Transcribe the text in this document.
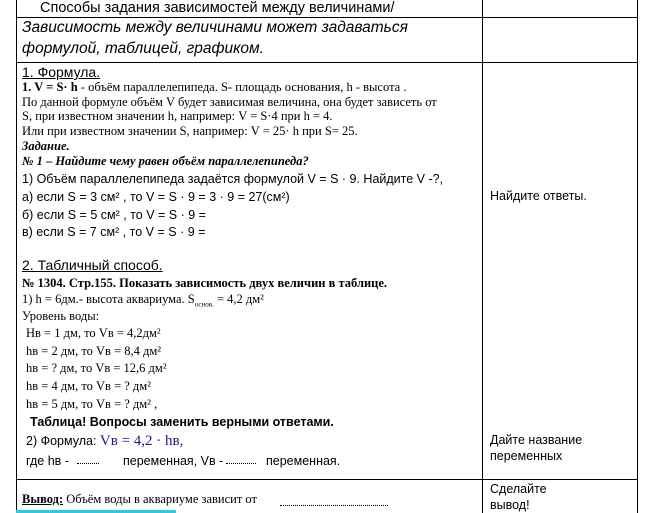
Способы задания зависимостей между величинами/
Зависимость между величинами может задаваться
формулой, таблицей, графиком.
1. Формула.
1. V = S· h - объём параллелепипеда. S- площадь основания, h - высота .
По данной формуле объём V будет зависимая величина, она будет зависеть от
S, при известном значении h, например: V = S·4 при h = 4.
Или при известном значении S, например: V = 25· h при S= 25.
Задание.
№ 1 – Найдите чему равен объём параллелепипеда?
1) Объём параллелепипеда задаётся формулой V = S · 9. Найдите V -?,
а) если S = 3 см² , то V = S · 9 = 3 · 9 = 27(см²)
б) если S = 5 см² , то V = S · 9 =
в) если S = 7 см² , то V = S · 9 =
Найдите ответы.
2. Табличный способ.
№ 1304. Стр.155. Показать зависимость двух величин в таблице.
1) h = 6дм.- высота аквариума. $S_{основ.} = 4,2$ дм²
Уровень воды:
Hв = 1 дм, то Vв = 4,2дм²
hв = 2 дм, то Vв = 8,4 дм²
hв = ? дм, то Vв = 12,6 дм²
hв = 4 дм, то Vв = ? дм²
hв = 5 дм, то Vв = ? дм² ,
Таблица! Вопросы заменить верными ответами.
2) Формула: Vв = 4,2 · hв,
где hв -	переменная, Vв -	переменная.
Дайте название переменных
Вывод: Объём воды в аквариуме зависит от
Сделайте вывод!
